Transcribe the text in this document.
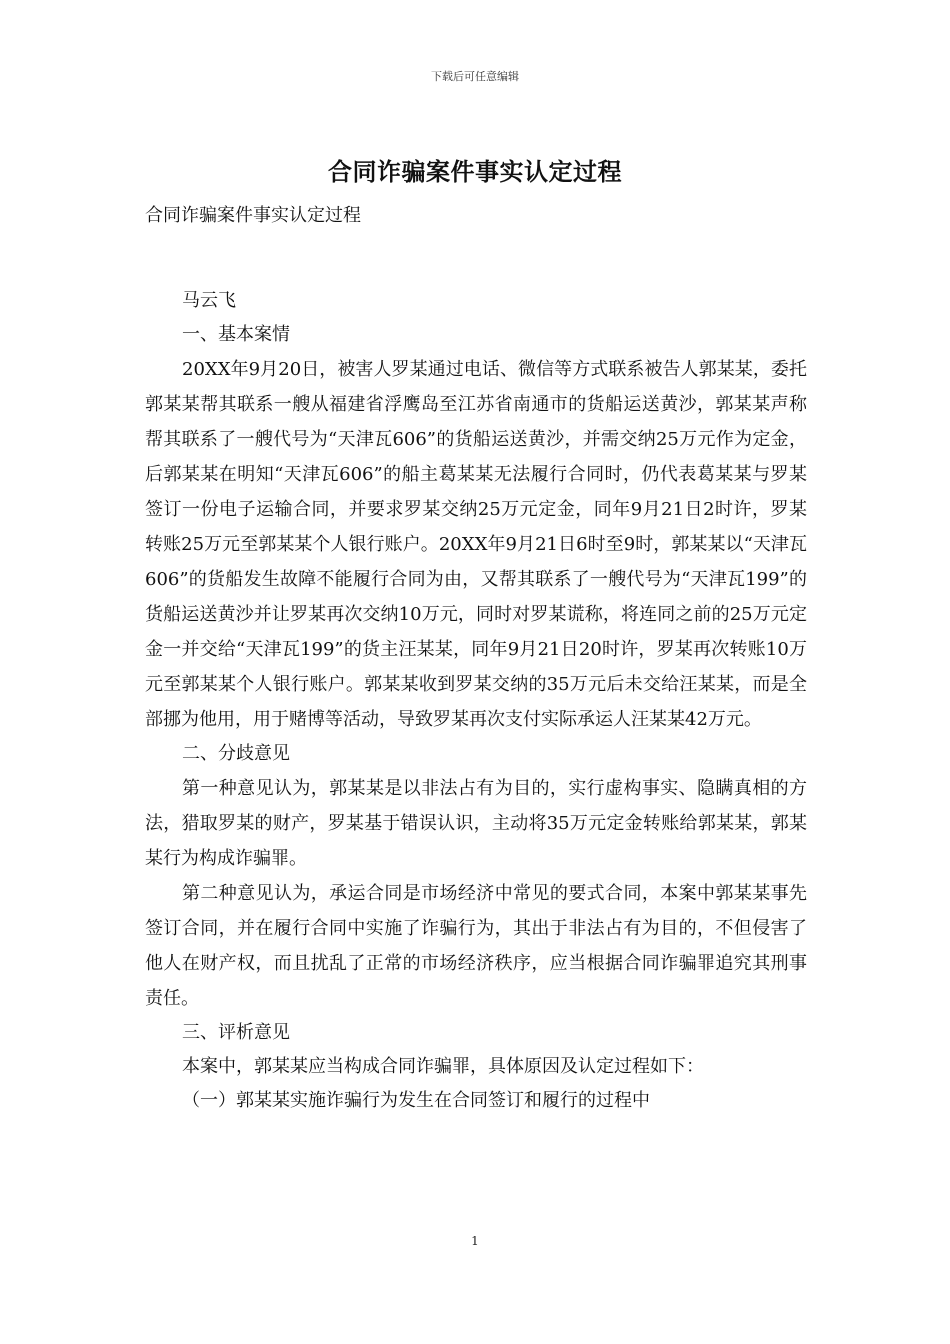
下载后可任意编辑
合同诈骗案件事实认定过程

合同诈骗案件事实认定过程

马云飞

一、基本案情

20XX年9月20日，被害人罗某通过电话、微信等方式联系被告人郭某某，委托郭某某帮其联系一艘从福建省浮鹰岛至江苏省南通市的货船运送黄沙，郭某某声称帮其联系了一艘代号为“天津瓦606”的货船运送黄沙，并需交纳25万元作为定金，后郭某某在明知“天津瓦606”的船主葛某某无法履行合同时，仍代表葛某某与罗某签订一份电子运输合同，并要求罗某交纳25万元定金，同年9月21日2时许，罗某转账25万元至郭某某个人银行账户。20XX年9月21日6时至9时，郭某某以“天津瓦606”的货船发生故障不能履行合同为由，又帮其联系了一艘代号为“天津瓦199”的货船运送黄沙并让罗某再次交纳10万元，同时对罗某谎称，将连同之前的25万元定金一并交给“天津瓦199”的货主汪某某，同年9月21日20时许，罗某再次转账10万元至郭某某个人银行账户。郭某某收到罗某交纳的35万元后未交给汪某某，而是全部挪为他用，用于赌博等活动，导致罗某再次支付实际承运人汪某某42万元。

二、分歧意见

第一种意见认为，郭某某是以非法占有为目的，实行虚构事实、隐瞒真相的方法，猎取罗某的财产，罗某基于错误认识，主动将35万元定金转账给郭某某，郭某某行为构成诈骗罪。

第二种意见认为，承运合同是市场经济中常见的要式合同，本案中郭某某事先签订合同，并在履行合同中实施了诈骗行为，其出于非法占有为目的，不但侵害了他人在财产权，而且扰乱了正常的市场经济秩序，应当根据合同诈骗罪追究其刑事责任。

三、评析意见

本案中，郭某某应当构成合同诈骗罪，具体原因及认定过程如下：

（一）郭某某实施诈骗行为发生在合同签订和履行的过程中

1
